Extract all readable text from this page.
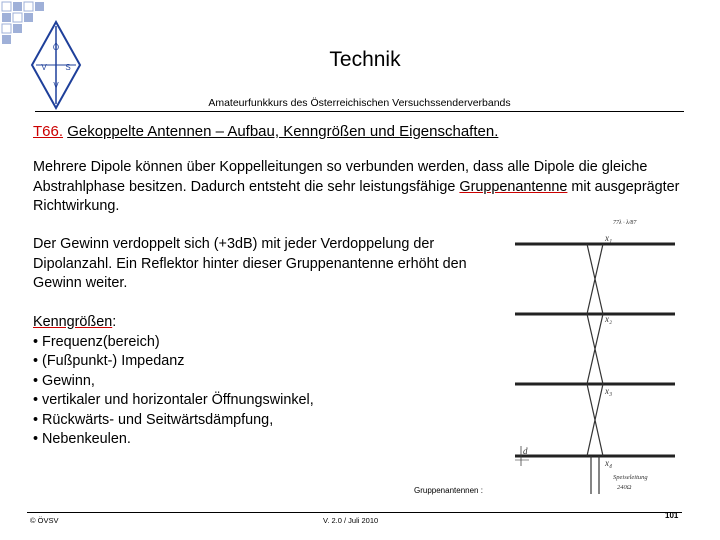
Ö
V S
V
Technik
Amateurfunkkurs des Österreichischen Versuchssenderverbands
T66. Gekoppelte Antennen – Aufbau, Kenngrößen und Eigenschaften.
Mehrere Dipole können über Koppelleitungen so verbunden werden, dass alle Dipole die gleiche Abstrahlphase besitzen. Dadurch entsteht die sehr leistungsfähige Gruppenantenne mit ausgeprägter Richtwirkung.
Der Gewinn verdoppelt sich (+3dB) mit jeder Verdoppelung der Dipolanzahl. Ein Reflektor hinter dieser Gruppenantenne erhöht den Gewinn weiter.
Kenngrößen:
• Frequenz(bereich)
• (Fußpunkt-) Impedanz
• Gewinn,
• vertikaler und horizontaler Öffnungswinkel,
• Rückwärts- und Seitwärtsdämpfung,
• Nebenkeulen.
77λ · λ/87
x₁
x₂
x₃
x₄
d
Speiseleitung
240Ω
Gruppenantennen :
© ÖVSV	V. 2.0 / Juli 2010
101
